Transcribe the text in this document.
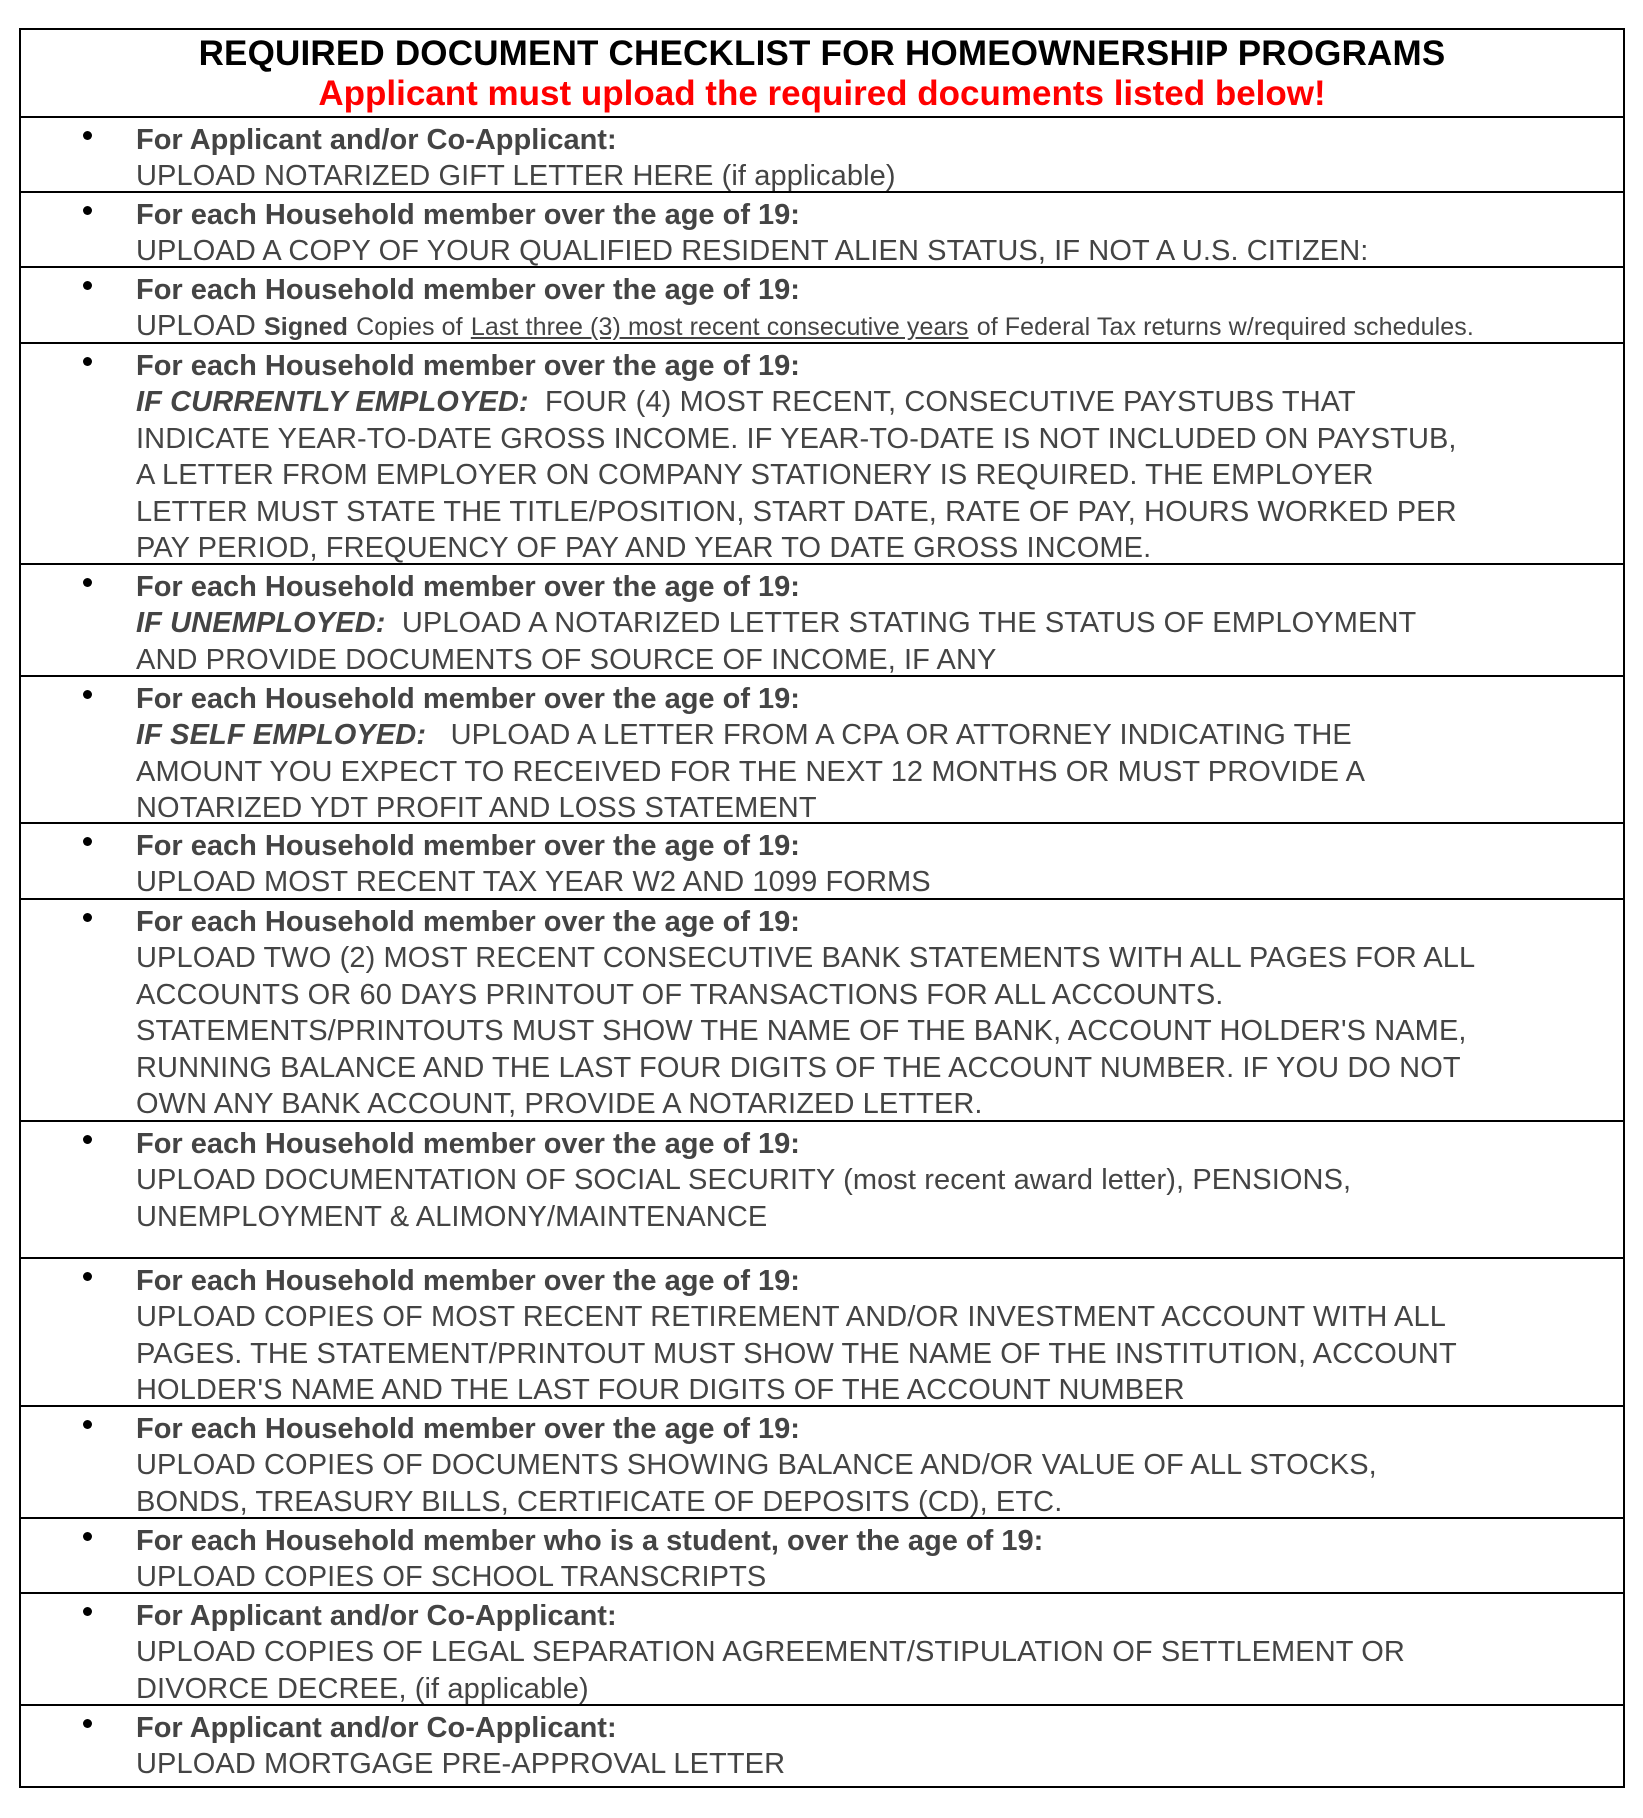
REQUIRED DOCUMENT CHECKLIST FOR HOMEOWNERSHIP PROGRAMS
Applicant must upload the required documents listed below!
For Applicant and/or Co-Applicant:
UPLOAD NOTARIZED GIFT LETTER HERE (if applicable)
For each Household member over the age of 19:
UPLOAD A COPY OF YOUR QUALIFIED RESIDENT ALIEN STATUS, IF NOT A U.S. CITIZEN:
For each Household member over the age of 19:
UPLOAD Signed Copies of Last three (3) most recent consecutive years of Federal Tax returns w/required schedules.
For each Household member over the age of 19:
IF CURRENTLY EMPLOYED: FOUR (4) MOST RECENT, CONSECUTIVE PAYSTUBS THAT
INDICATE YEAR-TO-DATE GROSS INCOME. IF YEAR-TO-DATE IS NOT INCLUDED ON PAYSTUB,
A LETTER FROM EMPLOYER ON COMPANY STATIONERY IS REQUIRED. THE EMPLOYER
LETTER MUST STATE THE TITLE/POSITION, START DATE, RATE OF PAY, HOURS WORKED PER
PAY PERIOD, FREQUENCY OF PAY AND YEAR TO DATE GROSS INCOME.
For each Household member over the age of 19:
IF UNEMPLOYED: UPLOAD A NOTARIZED LETTER STATING THE STATUS OF EMPLOYMENT
AND PROVIDE DOCUMENTS OF SOURCE OF INCOME, IF ANY
For each Household member over the age of 19:
IF SELF EMPLOYED: UPLOAD A LETTER FROM A CPA OR ATTORNEY INDICATING THE
AMOUNT YOU EXPECT TO RECEIVED FOR THE NEXT 12 MONTHS OR MUST PROVIDE A
NOTARIZED YDT PROFIT AND LOSS STATEMENT
For each Household member over the age of 19:
UPLOAD MOST RECENT TAX YEAR W2 AND 1099 FORMS
For each Household member over the age of 19:
UPLOAD TWO (2) MOST RECENT CONSECUTIVE BANK STATEMENTS WITH ALL PAGES FOR ALL
ACCOUNTS OR 60 DAYS PRINTOUT OF TRANSACTIONS FOR ALL ACCOUNTS.
STATEMENTS/PRINTOUTS MUST SHOW THE NAME OF THE BANK, ACCOUNT HOLDER'S NAME,
RUNNING BALANCE AND THE LAST FOUR DIGITS OF THE ACCOUNT NUMBER. IF YOU DO NOT
OWN ANY BANK ACCOUNT, PROVIDE A NOTARIZED LETTER.
For each Household member over the age of 19:
UPLOAD DOCUMENTATION OF SOCIAL SECURITY (most recent award letter), PENSIONS,
UNEMPLOYMENT & ALIMONY/MAINTENANCE
For each Household member over the age of 19:
UPLOAD COPIES OF MOST RECENT RETIREMENT AND/OR INVESTMENT ACCOUNT WITH ALL
PAGES. THE STATEMENT/PRINTOUT MUST SHOW THE NAME OF THE INSTITUTION, ACCOUNT
HOLDER'S NAME AND THE LAST FOUR DIGITS OF THE ACCOUNT NUMBER
For each Household member over the age of 19:
UPLOAD COPIES OF DOCUMENTS SHOWING BALANCE AND/OR VALUE OF ALL STOCKS,
BONDS, TREASURY BILLS, CERTIFICATE OF DEPOSITS (CD), ETC.
For each Household member who is a student, over the age of 19:
UPLOAD COPIES OF SCHOOL TRANSCRIPTS
For Applicant and/or Co-Applicant:
UPLOAD COPIES OF LEGAL SEPARATION AGREEMENT/STIPULATION OF SETTLEMENT OR
DIVORCE DECREE, (if applicable)
For Applicant and/or Co-Applicant:
UPLOAD MORTGAGE PRE-APPROVAL LETTER
